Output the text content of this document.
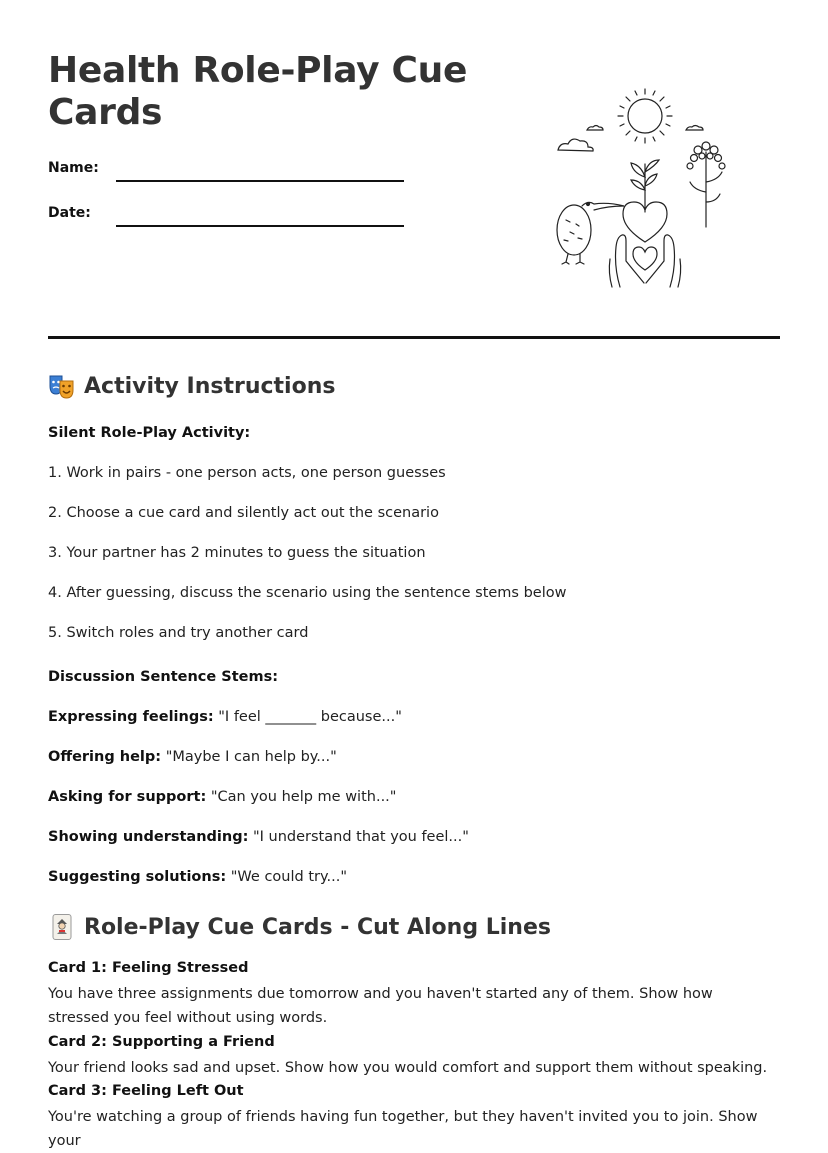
Health Role-Play Cue Cards
Name:
Date:
Activity Instructions
Silent Role-Play Activity:
1. Work in pairs - one person acts, one person guesses
2. Choose a cue card and silently act out the scenario
3. Your partner has 2 minutes to guess the situation
4. After guessing, discuss the scenario using the sentence stems below
5. Switch roles and try another card
Discussion Sentence Stems:
Expressing feelings: "I feel _______ because..."
Offering help: "Maybe I can help by..."
Asking for support: "Can you help me with..."
Showing understanding: "I understand that you feel..."
Suggesting solutions: "We could try..."
Role-Play Cue Cards - Cut Along Lines
Card 1: Feeling Stressed
You have three assignments due tomorrow and you haven't started any of them. Show how stressed you feel without using words.
Card 2: Supporting a Friend
Your friend looks sad and upset. Show how you would comfort and support them without speaking.
Card 3: Feeling Left Out
You're watching a group of friends having fun together, but they haven't invited you to join. Show your
